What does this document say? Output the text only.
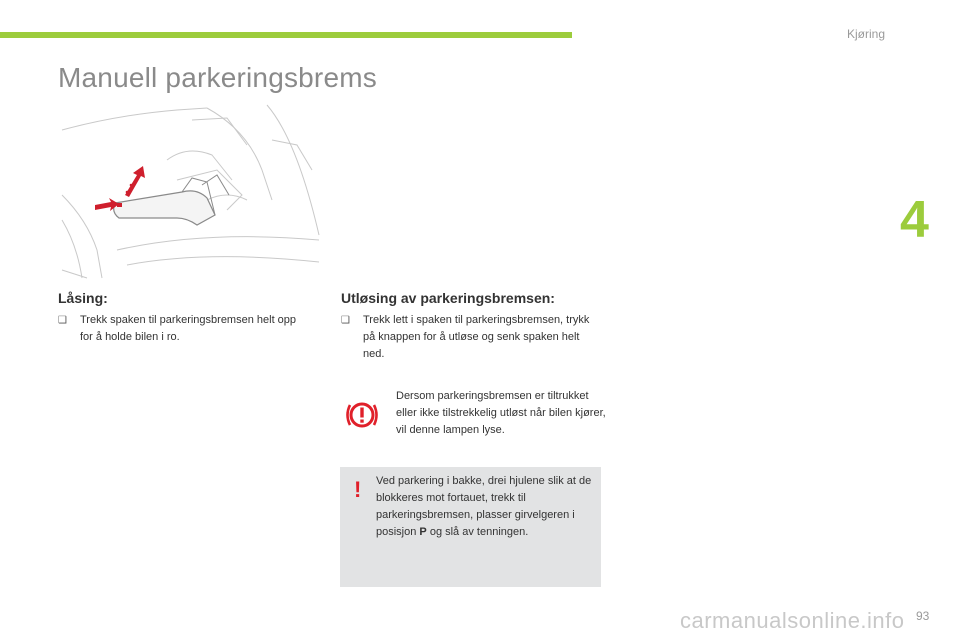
Kjøring
Manuell parkeringsbrems
4
Låsing:
❑	Trekk spaken til parkeringsbremsen helt opp for å holde bilen i ro.
Utløsing av parkeringsbremsen:
❑	Trekk lett i spaken til parkeringsbremsen, trykk på knappen for å utløse og senk spaken helt ned.
Dersom parkeringsbremsen er tiltrukket eller ikke tilstrekkelig utløst når bilen kjører, vil denne lampen lyse.
! Ved parkering i bakke, drei hjulene slik at de blokkeres mot fortauet, trekk til parkeringsbremsen, plasser girvelgeren i posisjon P og slå av tenningen.
carmanualsonline.info 93
